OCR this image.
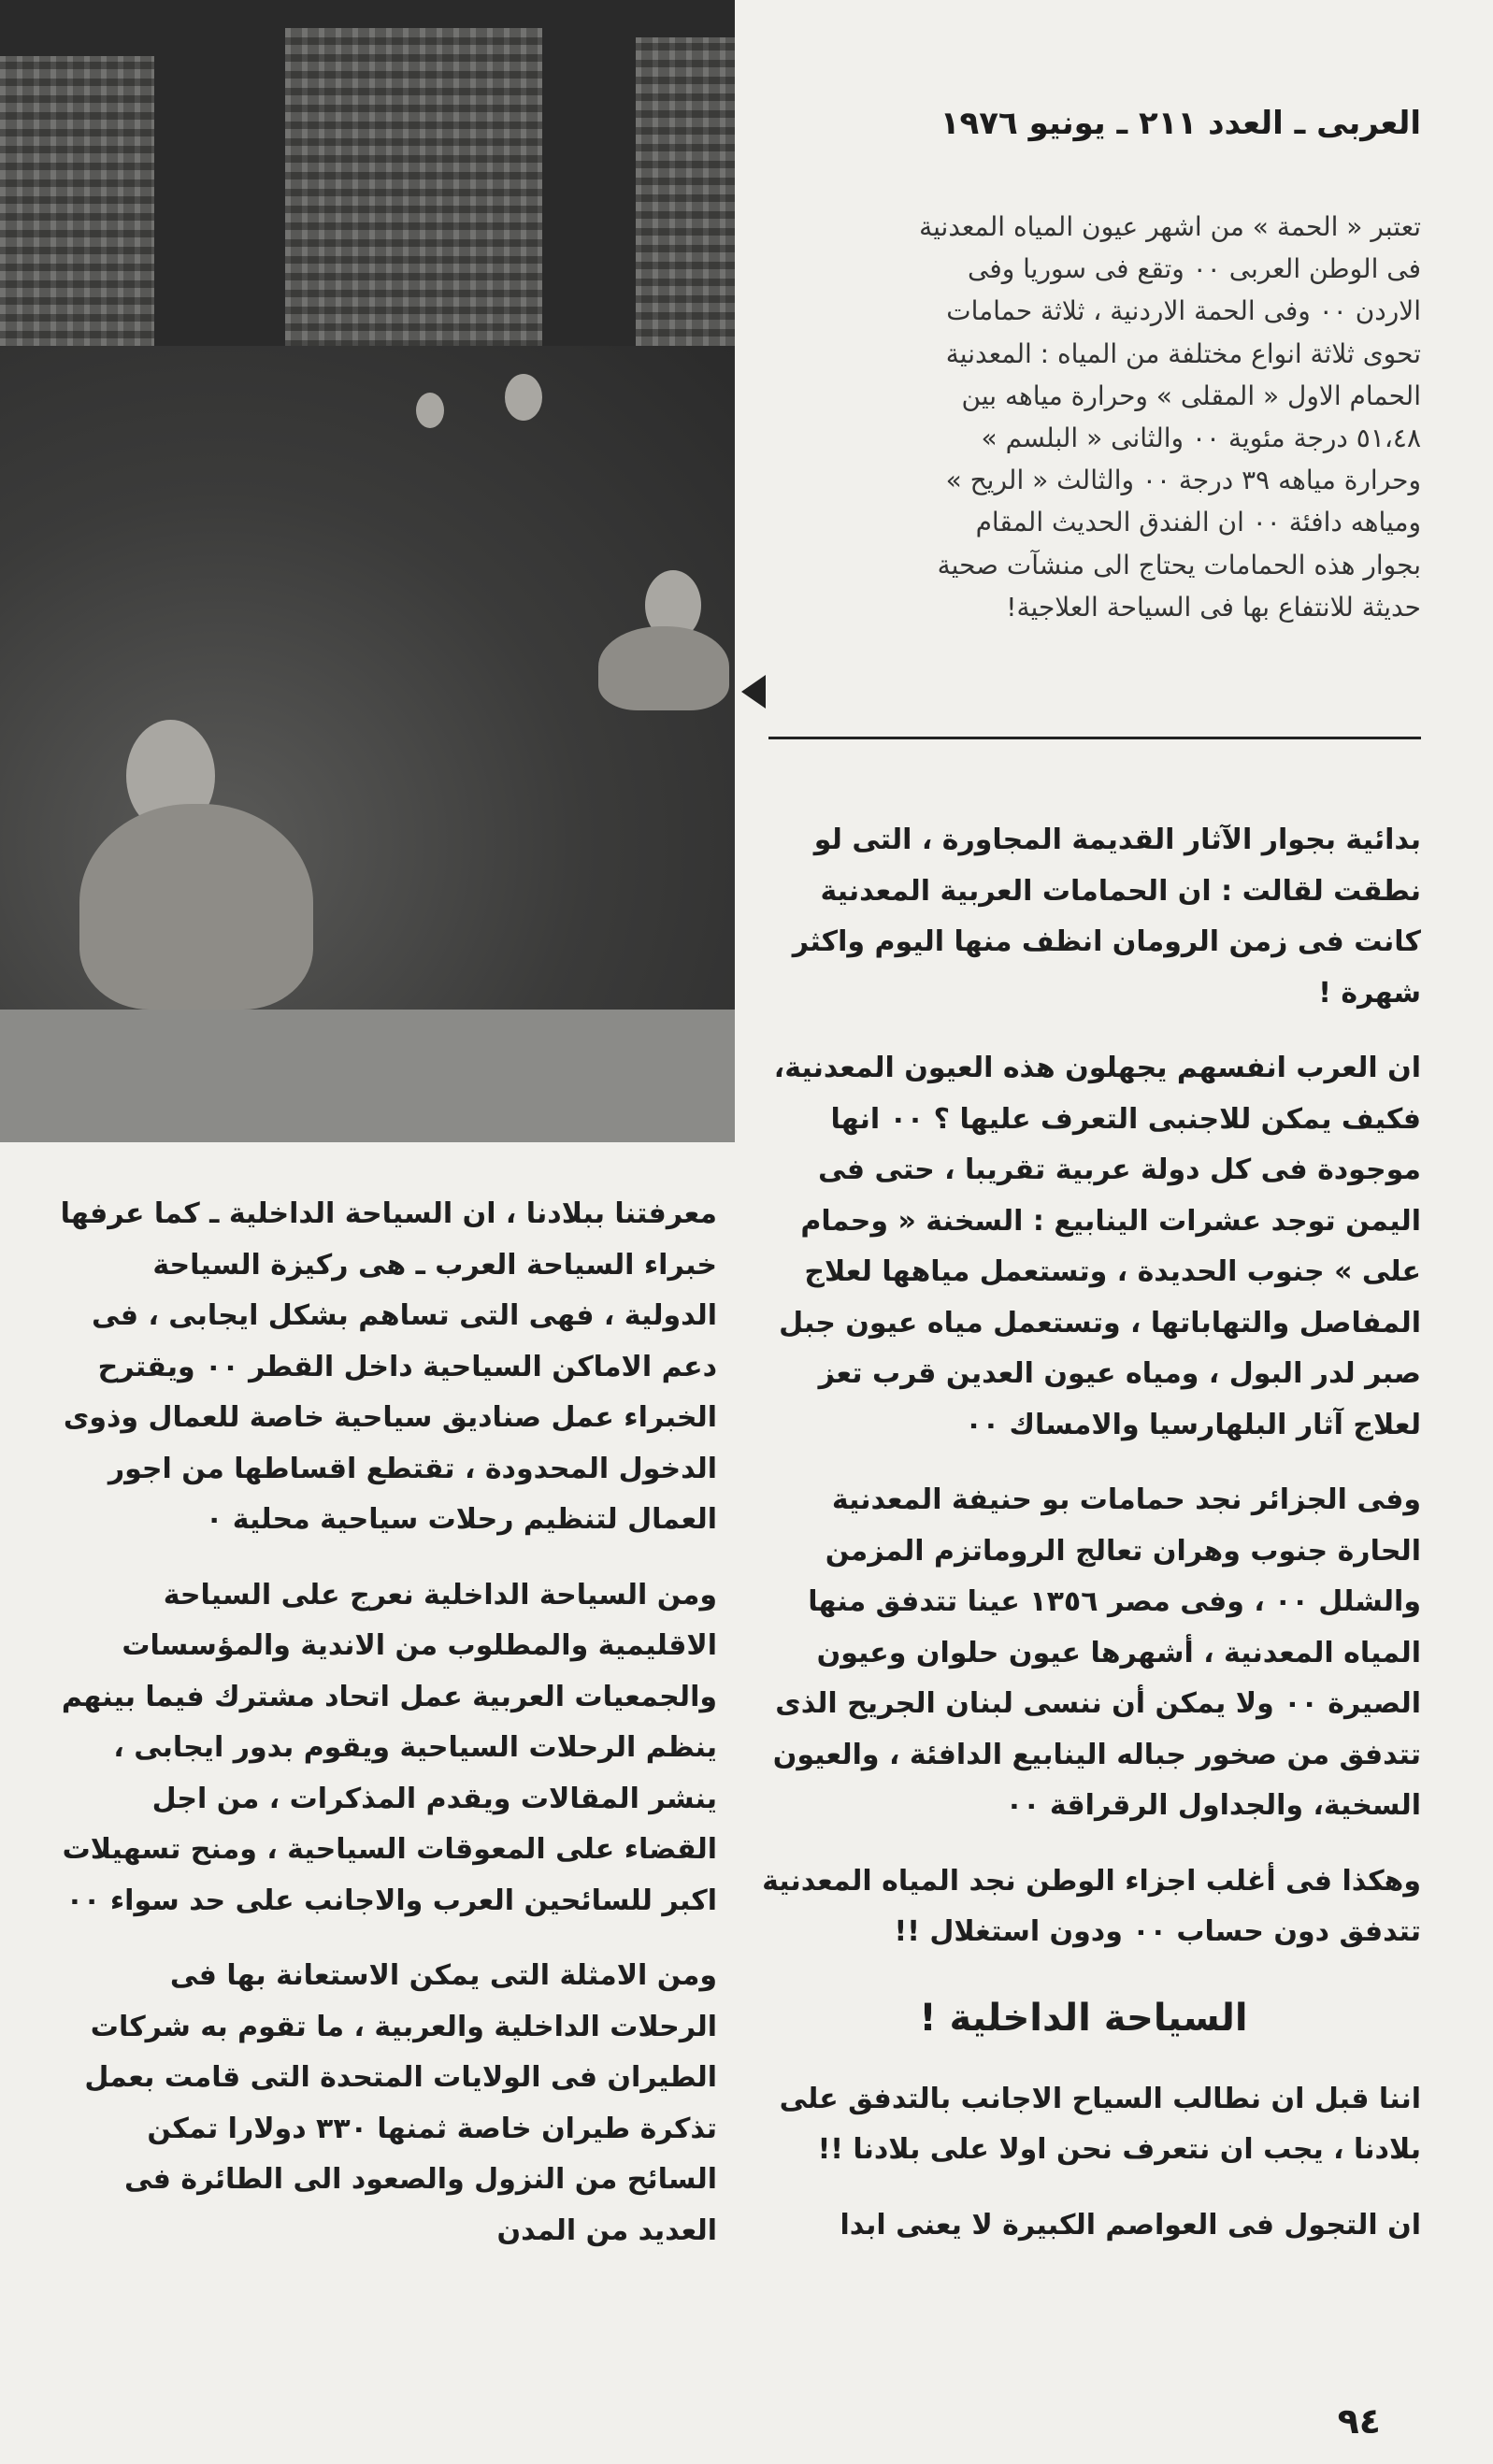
العربى ـ العدد ٢١١ ـ يونيو ١٩٧٦
تعتبر « الحمة » من اشهر عيون المياه المعدنية
فى الوطن العربى ٠٠ وتقع فى سوريا وفى
الاردن ٠٠ وفى الحمة الاردنية ، ثلاثة حمامات
تحوى ثلاثة انواع مختلفة من المياه : المعدنية
الحمام الاول « المقلى » وحرارة مياهه بين
٥١،٤٨ درجة مئوية ٠٠ والثانى « البلسم »
وحرارة مياهه ٣٩ درجة ٠٠ والثالث « الريح »
ومياهه دافئة ٠٠ ان الفندق الحديث المقام
بجوار هذه الحمامات يحتاج الى منشآت صحية
حديثة للانتفاع بها فى السياحة العلاجية!

بدائية بجوار الآثار القديمة المجاورة ، التى لو نطقت لقالت : ان الحمامات العربية المعدنية كانت فى زمن الرومان انظف منها اليوم واكثر شهرة !

ان العرب انفسهم يجهلون هذه العيون المعدنية، فكيف يمكن للاجنبى التعرف عليها ؟ ٠٠ انها موجودة فى كل دولة عربية تقريبا ، حتى فى اليمن توجد عشرات الينابيع : السخنة « وحمام على » جنوب الحديدة ، وتستعمل مياهها لعلاج المفاصل والتهاباتها ، وتستعمل مياه عيون جبل صبر لدر البول ، ومياه عيون العدين قرب تعز لعلاج آثار البلهارسيا والامساك ٠٠

وفى الجزائر نجد حمامات بو حنيفة المعدنية الحارة جنوب وهران تعالج الروماتزم المزمن والشلل ٠٠ ، وفى مصر ١٣٥٦ عينا تتدفق منها المياه المعدنية ، أشهرها عيون حلوان وعيون الصيرة ٠٠ ولا يمكن أن ننسى لبنان الجريح الذى تتدفق من صخور جباله الينابيع الدافئة ، والعيون السخية، والجداول الرقراقة ٠٠

وهكذا فى أغلب اجزاء الوطن نجد المياه المعدنية تتدفق دون حساب ٠٠ ودون استغلال !!

السياحة الداخلية !

اننا قبل ان نطالب السياح الاجانب بالتدفق على بلادنا ، يجب ان نتعرف نحن اولا على بلادنا !!

ان التجول فى العواصم الكبيرة لا يعنى ابدا

معرفتنا ببلادنا ، ان السياحة الداخلية ـ كما عرفها خبراء السياحة العرب ـ هى ركيزة السياحة الدولية ، فهى التى تساهم بشكل ايجابى ، فى دعم الاماكن السياحية داخل القطر ٠٠ ويقترح الخبراء عمل صناديق سياحية خاصة للعمال وذوى الدخول المحدودة ، تقتطع اقساطها من اجور العمال لتنظيم رحلات سياحية محلية ٠

ومن السياحة الداخلية نعرج على السياحة الاقليمية والمطلوب من الاندية والمؤسسات والجمعيات العربية عمل اتحاد مشترك فيما بينهم ينظم الرحلات السياحية ويقوم بدور ايجابى ، ينشر المقالات ويقدم المذكرات ، من اجل القضاء على المعوقات السياحية ، ومنح تسهيلات اكبر للسائحين العرب والاجانب على حد سواء ٠٠

ومن الامثلة التى يمكن الاستعانة بها فى الرحلات الداخلية والعربية ، ما تقوم به شركات الطيران فى الولايات المتحدة التى قامت بعمل تذكرة طيران خاصة ثمنها ٣٣٠ دولارا تمكن السائح من النزول والصعود الى الطائرة فى العديد من المدن

٩٤
